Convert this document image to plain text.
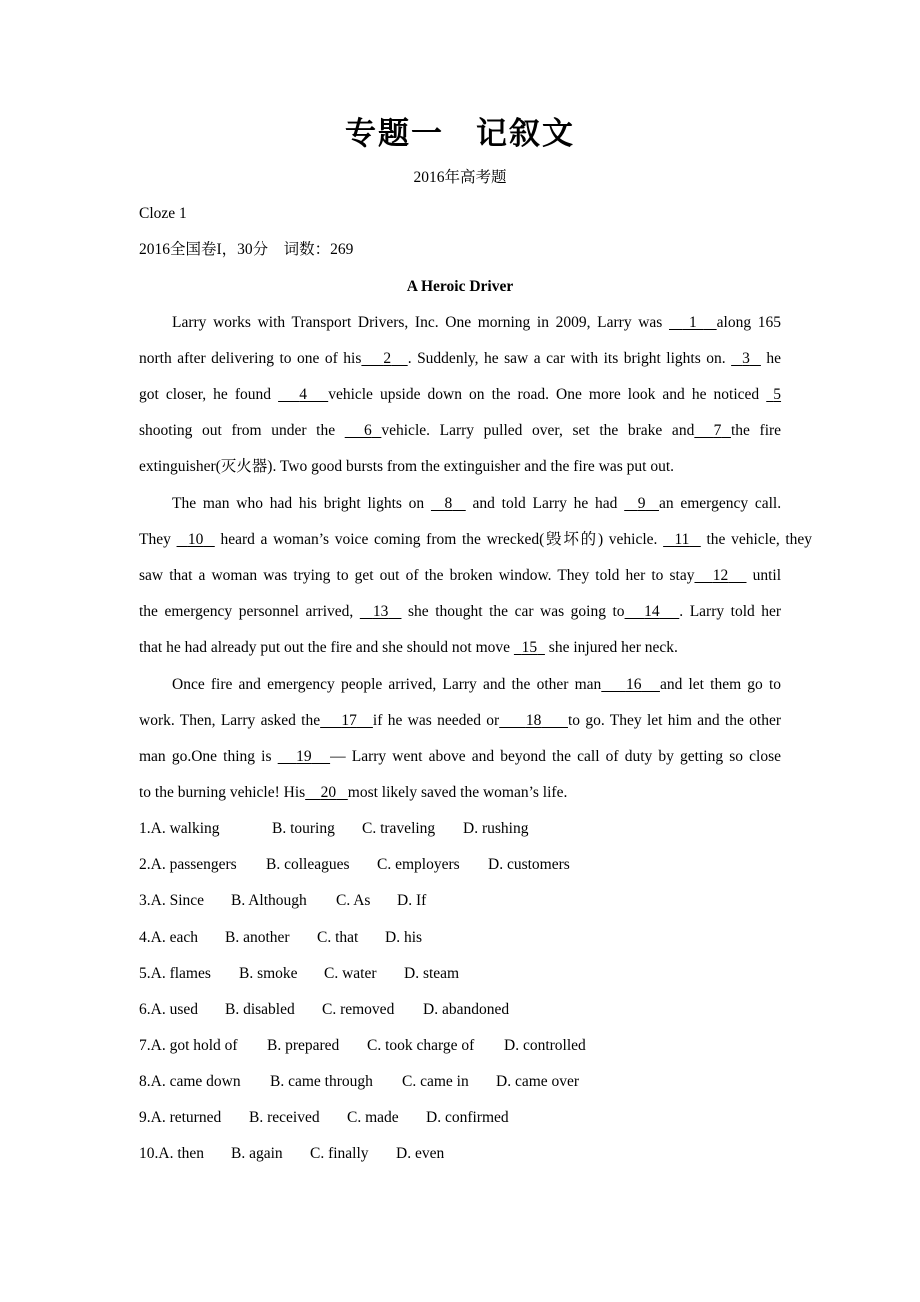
专题一 记叙文
2016年高考题
Cloze 1
2016全国卷I，30分　词数：269
A Heroic Driver
Larry works with Transport Drivers, Inc. One morning in 2009, Larry was    1   along 165
north after delivering to one of his 2 . Suddenly, he saw a car with its bright lights on. 3 he
got closer, he found 4 vehicle upside down on the road. One more look and he noticed 5
shooting out from under the 6 vehicle. Larry pulled over, set the brake and 7 the fire
extinguisher(灭火器). Two good bursts from the extinguisher and the fire was put out.
The man who had his bright lights on 8 and told Larry he had 9 an emergency call.
They 10 heard a woman’s voice coming from the wrecked(毁坏的) vehicle. 11 the vehicle, they
saw that a woman was trying to get out of the broken window. They told her to stay 12 until
the emergency personnel arrived, 13 she thought the car was going to 14 . Larry told her
that he had already put out the fire and she should not move 15 she injured her neck.
Once fire and emergency people arrived, Larry and the other man 16 and let them go to
work. Then, Larry asked the 17 if he was needed or 18 to go. They let him and the other
man go.One thing is 19 — Larry went above and beyond the call of duty by getting so close
to the burning vehicle! His 20 most likely saved the woman’s life.
1.A. walking	B. touring C. traveling D. rushing
2.A. passengers B. colleagues C. employers D. customers
3.A. Since B. Although C. As D. If
4.A. each B. another C. that D. his
5.A. flames B. smoke C. water D. steam
6.A. used B. disabled C. removed D. abandoned
7.A. got hold of B. prepared C. took charge of D. controlled
8.A. came down B. came through C. came in D. came over
9.A. returned B. received C. made D. confirmed
10.A. then B. again C. finally D. even
